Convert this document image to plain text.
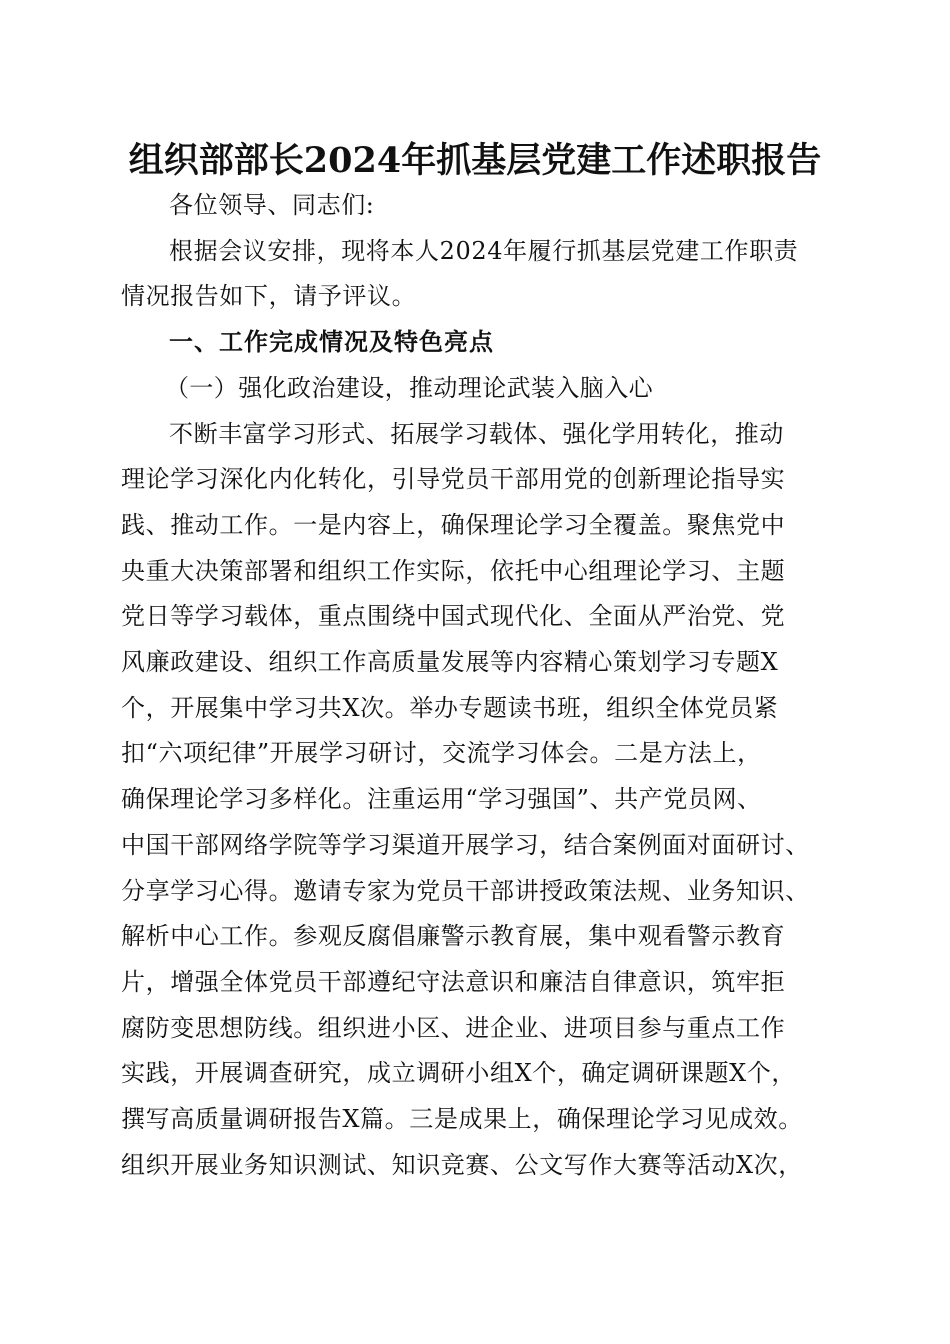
组织部部长2024年抓基层党建工作述职报告

各位领导、同志们:

根据会议安排，现将本人2024年履行抓基层党建工作职责
情况报告如下，请予评议。

一、工作完成情况及特色亮点

（一）强化政治建设，推动理论武装入脑入心

不断丰富学习形式、拓展学习载体、强化学用转化，推动
理论学习深化内化转化，引导党员干部用党的创新理论指导实
践、推动工作。一是内容上，确保理论学习全覆盖。聚焦党中
央重大决策部署和组织工作实际，依托中心组理论学习、主题
党日等学习载体，重点围绕中国式现代化、全面从严治党、党
风廉政建设、组织工作高质量发展等内容精心策划学习专题X
个，开展集中学习共X次。举办专题读书班，组织全体党员紧
扣“六项纪律”开展学习研讨，交流学习体会。二是方法上，
确保理论学习多样化。注重运用“学习强国”、共产党员网、
中国干部网络学院等学习渠道开展学习，结合案例面对面研讨、
分享学习心得。邀请专家为党员干部讲授政策法规、业务知识、
解析中心工作。参观反腐倡廉警示教育展，集中观看警示教育
片，增强全体党员干部遵纪守法意识和廉洁自律意识，筑牢拒
腐防变思想防线。组织进小区、进企业、进项目参与重点工作
实践，开展调查研究，成立调研小组X个，确定调研课题X个，
撰写高质量调研报告X篇。三是成果上，确保理论学习见成效。
组织开展业务知识测试、知识竞赛、公文写作大赛等活动X次，
